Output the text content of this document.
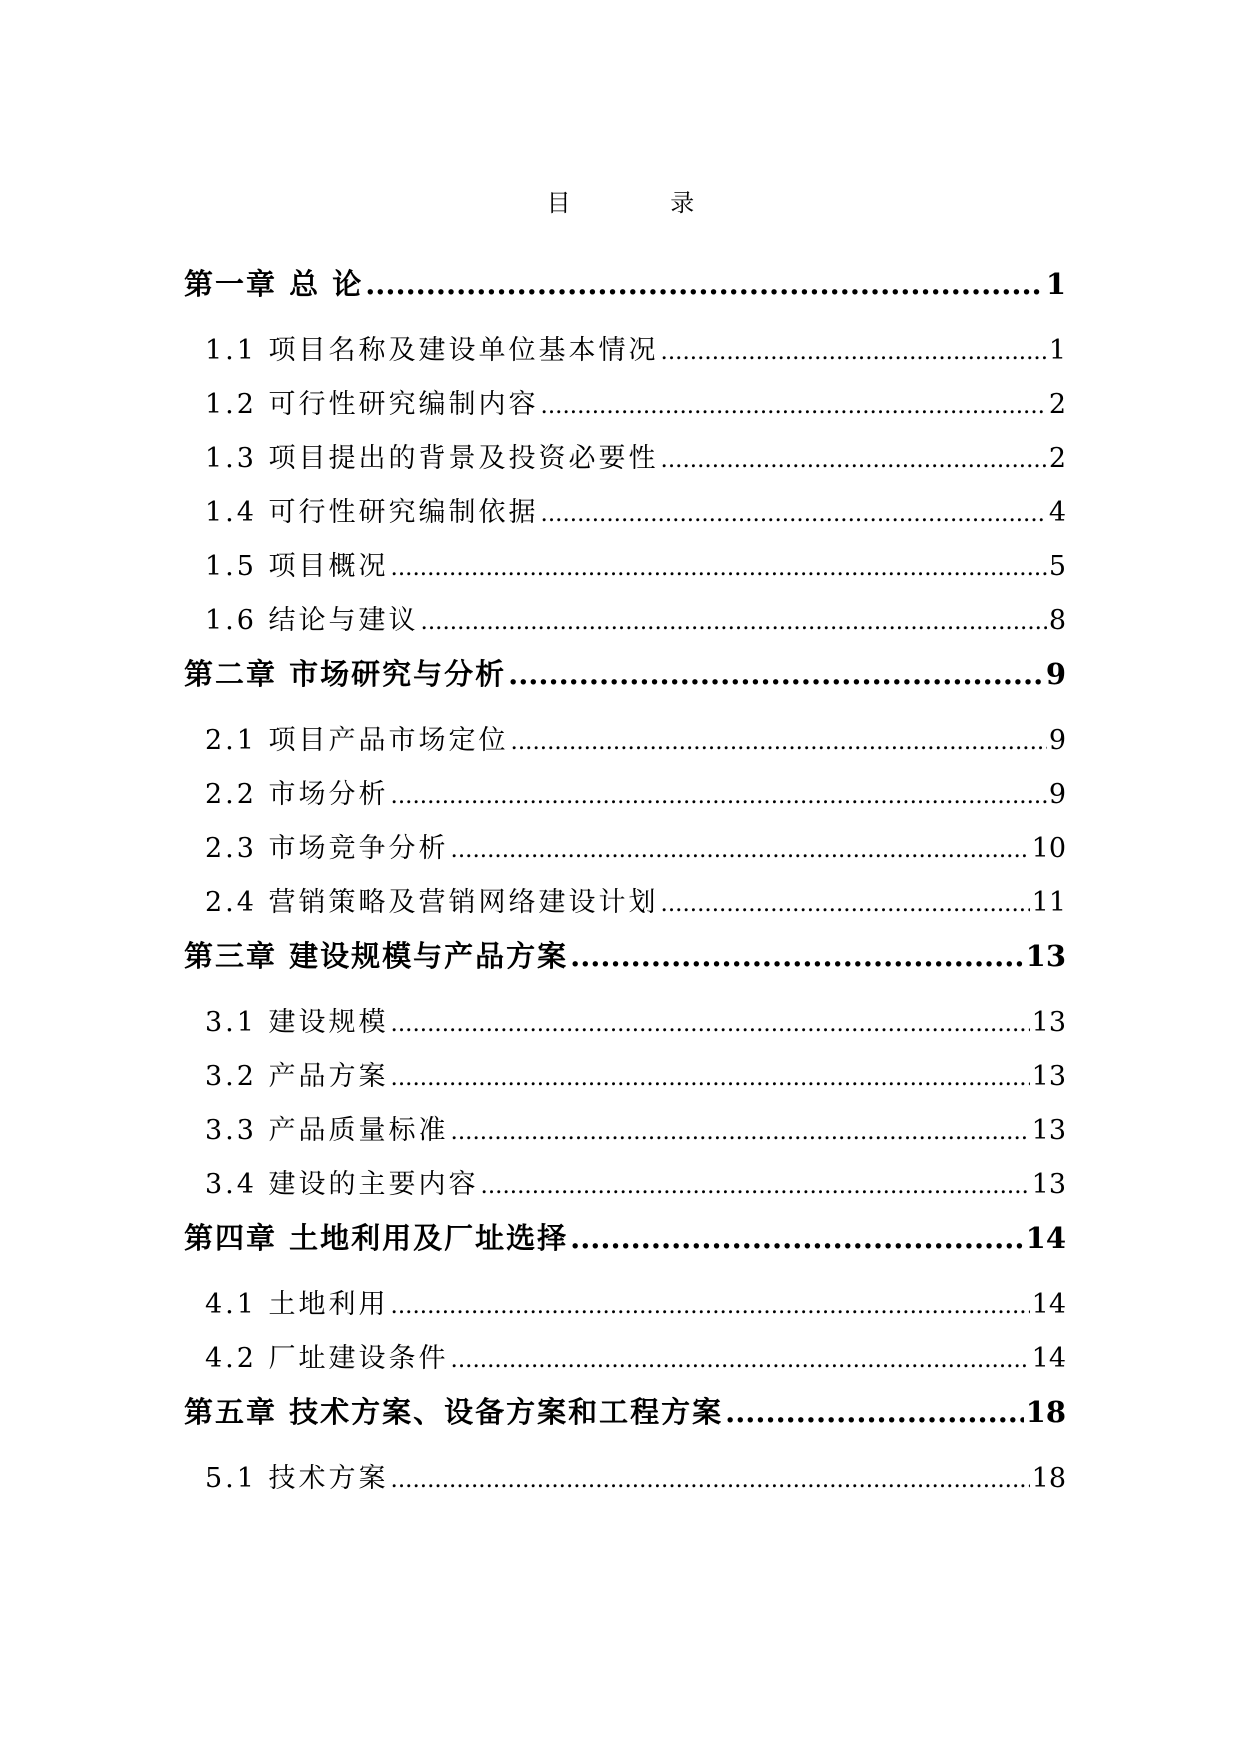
目 录
第一章 总 论 .....	1
1.1 项目名称及建设单位基本情况 .....	1
1.2 可行性研究编制内容 .....	2
1.3 项目提出的背景及投资必要性 .....	2
1.4 可行性研究编制依据 .....	4
1.5 项目概况 .....	5
1.6 结论与建议 .....	8
第二章 市场研究与分析 .....	9
2.1 项目产品市场定位 .....	9
2.2 市场分析 .....	9
2.3 市场竞争分析 .....	10
2.4 营销策略及营销网络建设计划 .....	11
第三章 建设规模与产品方案 .....	13
3.1 建设规模 .....	13
3.2 产品方案 .....	13
3.3 产品质量标准 .....	13
3.4 建设的主要内容 .....	13
第四章 土地利用及厂址选择 .....	14
4.1 土地利用 .....	14
4.2 厂址建设条件 .....	14
第五章 技术方案、设备方案和工程方案 .....	18
5.1 技术方案 .....	18
